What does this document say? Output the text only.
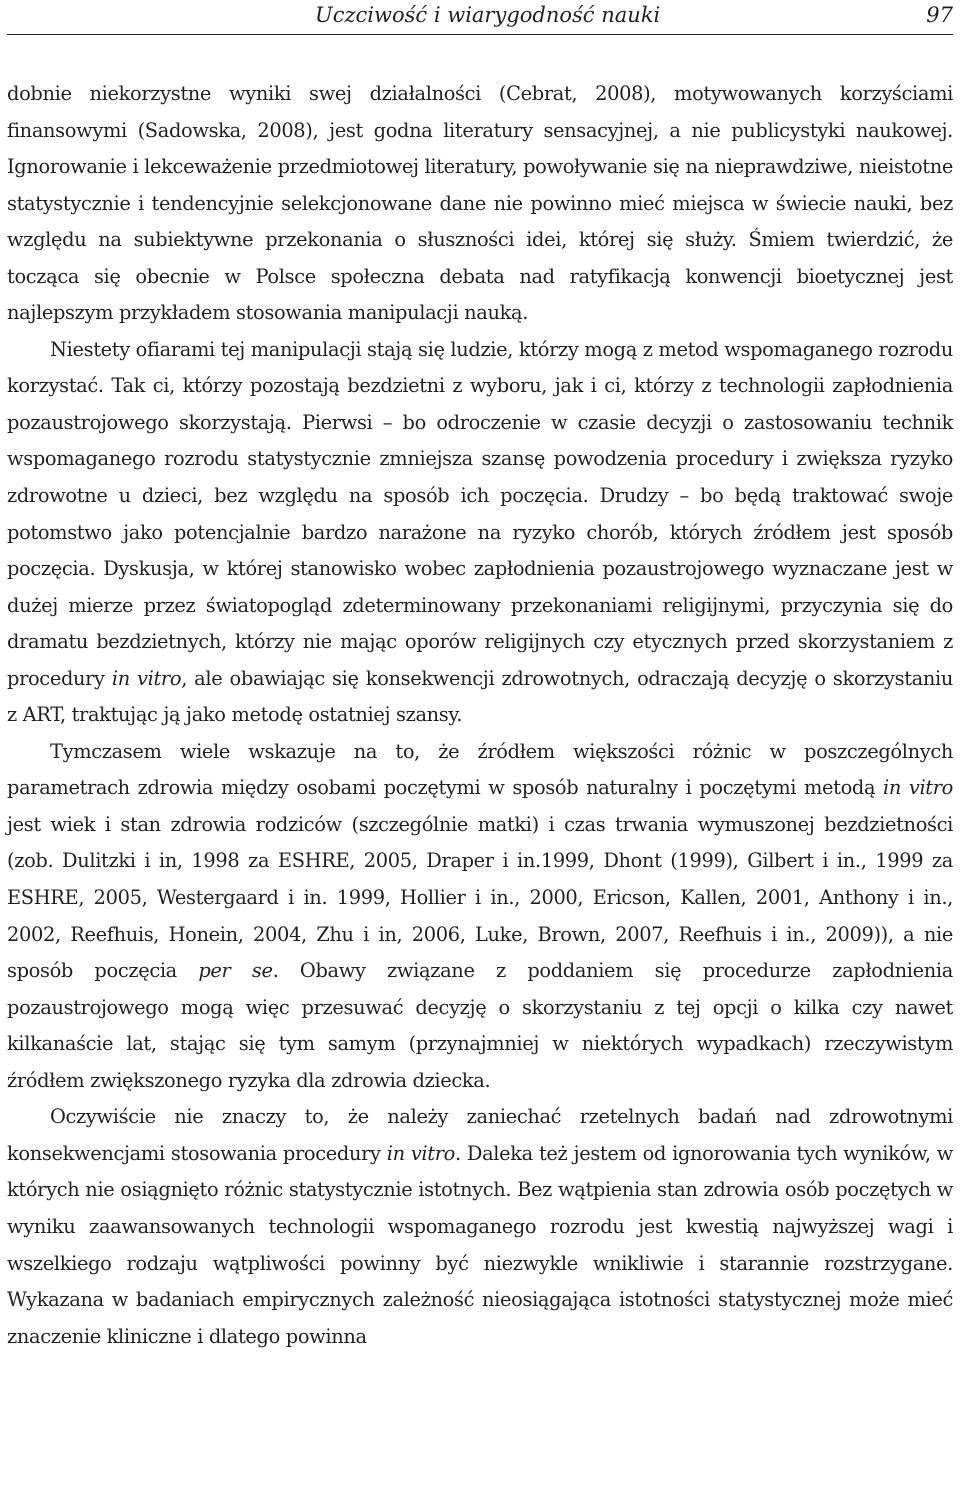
Uczciwość i wiarygodność nauki	97

dobnie niekorzystne wyniki swej działalności (Cebrat, 2008), motywowanych korzyściami finansowymi (Sadowska, 2008), jest godna literatury sensacyjnej, a nie publicystyki naukowej. Ignorowanie i lekceważenie przedmiotowej literatury, powoływanie się na nieprawdziwe, nieistotne statystycznie i tendencyjnie selekcjonowane dane nie powinno mieć miejsca w świecie nauki, bez względu na subiektywne przekonania o słuszności idei, której się służy. Śmiem twierdzić, że tocząca się obecnie w Polsce społeczna debata nad ratyfikacją konwencji bioetycznej jest najlepszym przykładem stosowania manipulacji nauką.

Niestety ofiarami tej manipulacji stają się ludzie, którzy mogą z metod wspomaganego rozrodu korzystać. Tak ci, którzy pozostają bezdzietni z wyboru, jak i ci, którzy z technologii zapłodnienia pozaustrojowego skorzystają. Pierwsi – bo odroczenie w czasie decyzji o zastosowaniu technik wspomaganego rozrodu statystycznie zmniejsza szansę powodzenia procedury i zwiększa ryzyko zdrowotne u dzieci, bez względu na sposób ich poczęcia. Drudzy – bo będą traktować swoje potomstwo jako potencjalnie bardzo narażone na ryzyko chorób, których źródłem jest sposób poczęcia. Dyskusja, w której stanowisko wobec zapłodnienia pozaustrojowego wyznaczane jest w dużej mierze przez światopogląd zdeterminowany przekonaniami religijnymi, przyczynia się do dramatu bezdzietnych, którzy nie mając oporów religijnych czy etycznych przed skorzystaniem z procedury in vitro, ale obawiając się konsekwencji zdrowotnych, odraczają decyzję o skorzystaniu z ART, traktując ją jako metodę ostatniej szansy.

Tymczasem wiele wskazuje na to, że źródłem większości różnic w poszczególnych parametrach zdrowia między osobami poczętymi w sposób naturalny i poczętymi metodą in vitro jest wiek i stan zdrowia rodziców (szczególnie matki) i czas trwania wymuszonej bezdzietności (zob. Dulitzki i in, 1998 za ESHRE, 2005, Draper i in.1999, Dhont (1999), Gilbert i in., 1999 za ESHRE, 2005, Westergaard i in. 1999, Hollier i in., 2000, Ericson, Kallen, 2001, Anthony i in., 2002, Reefhuis, Honein, 2004, Zhu i in, 2006, Luke, Brown, 2007, Reefhuis i in., 2009)), a nie sposób poczęcia per se. Obawy związane z poddaniem się procedurze zapłodnienia pozaustrojowego mogą więc przesuwać decyzję o skorzystaniu z tej opcji o kilka czy nawet kilkanaście lat, stając się tym samym (przynajmniej w niektórych wypadkach) rzeczywistym źródłem zwiększonego ryzyka dla zdrowia dziecka.

Oczywiście nie znaczy to, że należy zaniechać rzetelnych badań nad zdrowotnymi konsekwencjami stosowania procedury in vitro. Daleka też jestem od ignorowania tych wyników, w których nie osiągnięto różnic statystycznie istotnych. Bez wątpienia stan zdrowia osób poczętych w wyniku zaawansowanych technologii wspomaganego rozrodu jest kwestią najwyższej wagi i wszelkiego rodzaju wątpliwości powinny być niezwykle wnikliwie i starannie rozstrzygane. Wykazana w badaniach empirycznych zależność nieosiągająca istotności statystycznej może mieć znaczenie kliniczne i dlatego powinna
